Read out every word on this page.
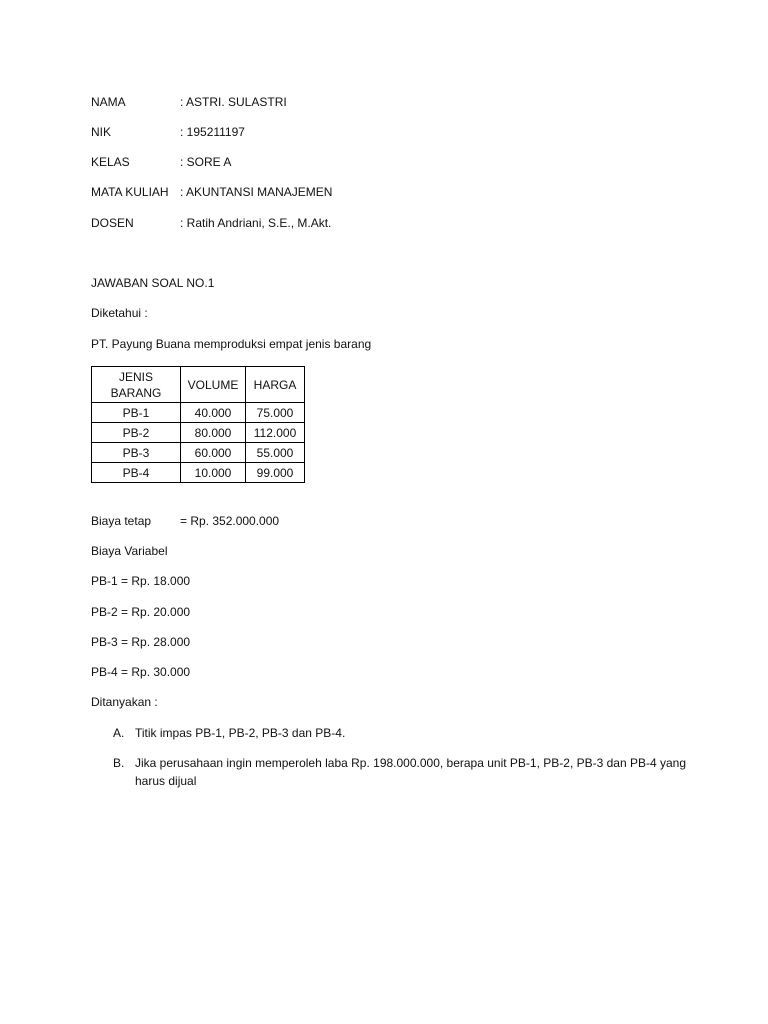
NAMA	: ASTRI. SULASTRI
NIK	: 195211197
KELAS	: SORE A
MATA KULIAH : AKUNTANSI MANAJEMEN
DOSEN	: Ratih Andriani, S.E., M.Akt.
JAWABAN SOAL NO.1
Diketahui :
PT. Payung Buana memproduksi empat jenis barang
JENIS BARANG	VOLUME	HARGA
PB-1	40.000	75.000
PB-2	80.000	112.000
PB-3	60.000	55.000
PB-4	10.000	99.000
Biaya tetap = Rp. 352.000.000
Biaya Variabel
PB-1 = Rp. 18.000
PB-2 = Rp. 20.000
PB-3 = Rp. 28.000
PB-4 = Rp. 30.000
Ditanyakan :
A. Titik impas PB-1, PB-2, PB-3 dan PB-4.
B. Jika perusahaan ingin memperoleh laba Rp. 198.000.000, berapa unit PB-1, PB-2, PB-3 dan PB-4 yang harus dijual
